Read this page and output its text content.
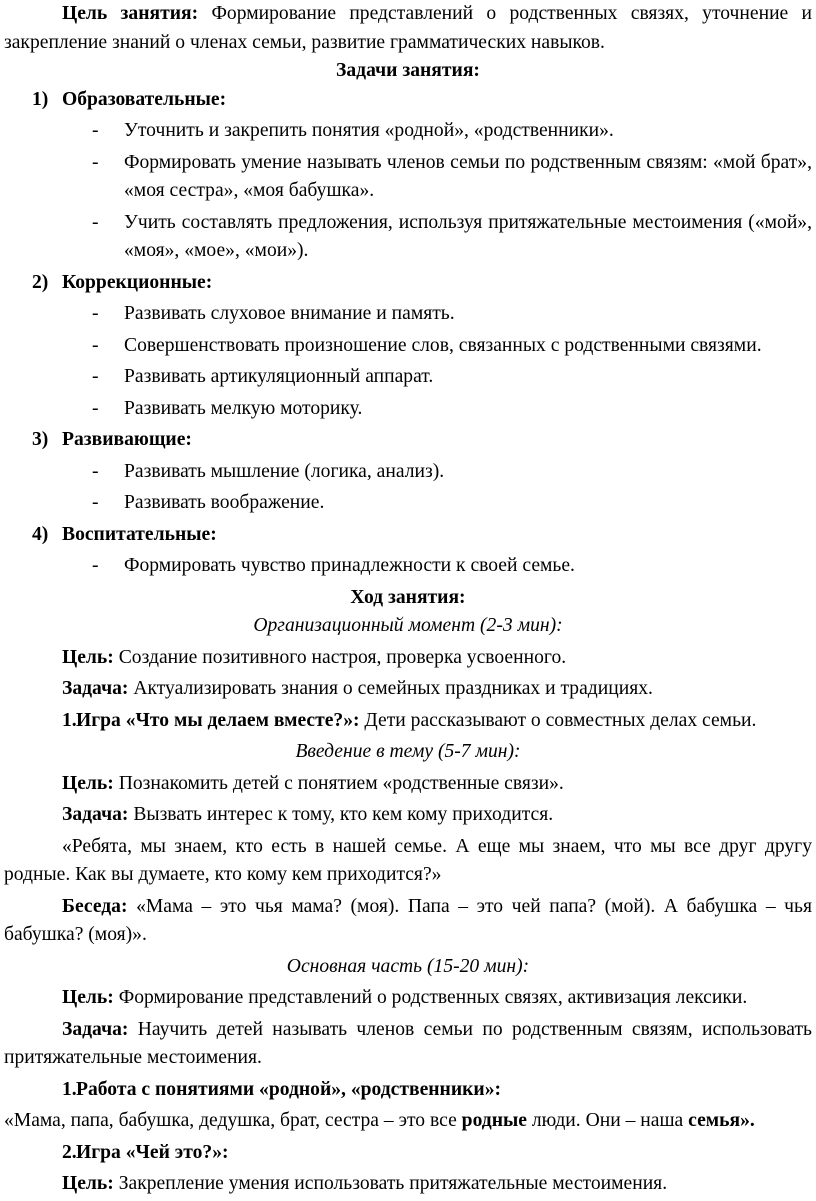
Цель занятия: Формирование представлений о родственных связях, уточнение и закрепление знаний о членах семьи, развитие грамматических навыков.

Задачи занятия:

1) Образовательные:

- Уточнить и закрепить понятия «родной», «родственники».

- Формировать умение называть членов семьи по родственным связям: «мой брат», «моя сестра», «моя бабушка».

- Учить составлять предложения, используя притяжательные местоимения («мой», «моя», «мое», «мои»).

2) Коррекционные:

- Развивать слуховое внимание и память.

- Совершенствовать произношение слов, связанных с родственными связями.

- Развивать артикуляционный аппарат.

- Развивать мелкую моторику.

3) Развивающие:

- Развивать мышление (логика, анализ).

- Развивать воображение.

4) Воспитательные:

- Формировать чувство принадлежности к своей семье.

Ход занятия:

Организационный момент (2-3 мин):

Цель: Создание позитивного настроя, проверка усвоенного.

Задача: Актуализировать знания о семейных праздниках и традициях.

1. Игра «Что мы делаем вместе?»: Дети рассказывают о совместных делах семьи.

Введение в тему (5-7 мин):

Цель: Познакомить детей с понятием «родственные связи».

Задача: Вызвать интерес к тому, кто кем кому приходится.

«Ребята, мы знаем, кто есть в нашей семье. А еще мы знаем, что мы все друг другу родные. Как вы думаете, кто кому кем приходится?»

Беседа: «Мама – это чья мама? (моя). Папа – это чей папа? (мой). А бабушка – чья бабушка? (моя)».

Основная часть (15-20 мин):

Цель: Формирование представлений о родственных связях, активизация лексики.

Задача: Научить детей называть членов семьи по родственным связям, использовать притяжательные местоимения.

1. Работа с понятиями «родной», «родственники»:

«Мама, папа, бабушка, дедушка, брат, сестра – это все родные люди. Они – наша семья».

2. Игра «Чей это?»:

Цель: Закрепление умения использовать притяжательные местоимения.
